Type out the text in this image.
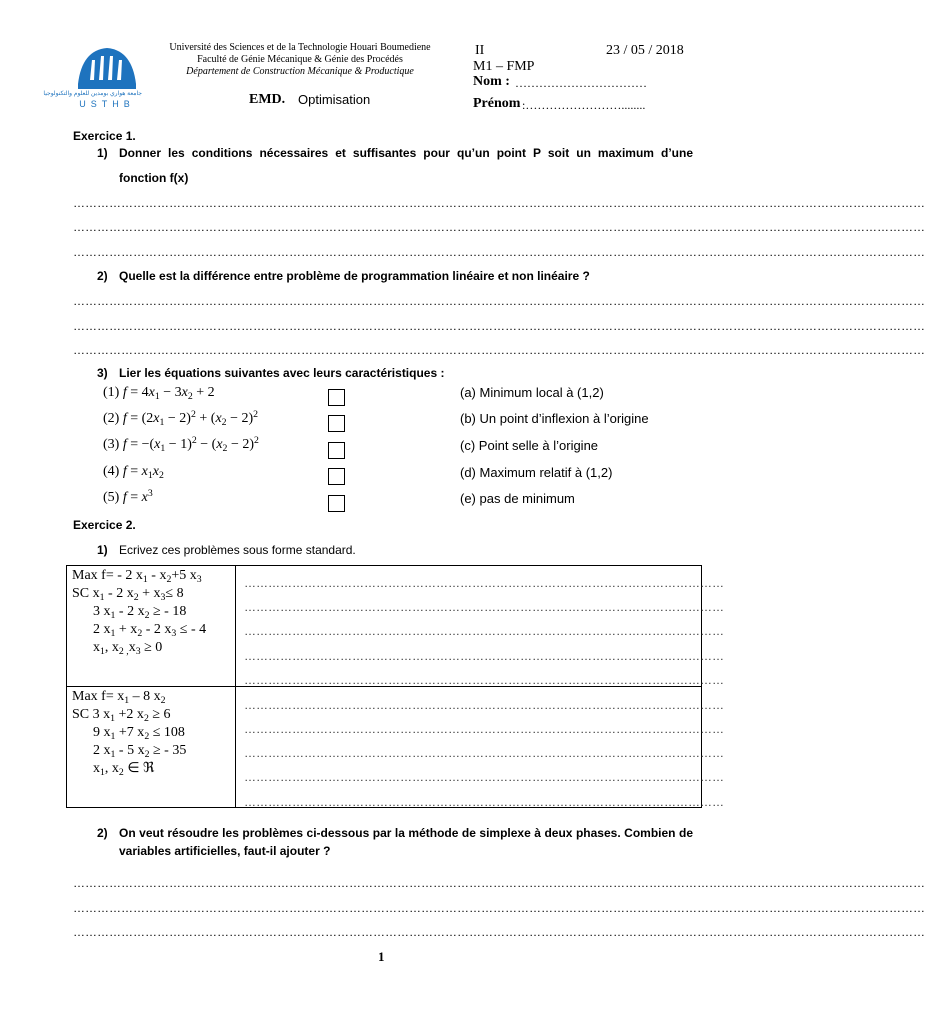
جامعة هواري بومدين للعلوم والتكنولوجيا
USTHB
Université des Sciences et de la Technologie Houari Boumediene
Faculté de Génie Mécanique & Génie des Procédés
Département de Construction Mécanique & Productique
EMD. Optimisation
II	23 / 05 / 2018
M1 – FMP
Nom : ……………………………
Prénom :……………………........
Exercice 1.
1) Donner les conditions nécessaires et suffisantes pour qu’un point P soit un maximum d’une
fonction f(x)
……………………………………………………………………………………………………………………………………………………………………………………………
……………………………………………………………………………………………………………………………………………………………………………………………
……………………………………………………………………………………………………………………………………………………………………………………………
2) Quelle est la différence entre problème de programmation linéaire et non linéaire ?
……………………………………………………………………………………………………………………………………………………………………………………………
……………………………………………………………………………………………………………………………………………………………………………………………
……………………………………………………………………………………………………………………………………………………………………………………………
3) Lier les équations suivantes avec leurs caractéristiques :
(1) $f = 4x_1 - 3x_2 + 2$
(2) $f = (2x_1 - 2)^2 + (x_2 - 2)^2$
(3) $f = -(x_1 - 1)^2 - (x_2 - 2)^2$
(4) $f = x_1x_2$
(5) $f = x^3$
(a) Minimum local à (1,2)
(b) Un point d’inflexion à l’origine
(c) Point selle à l’origine
(d) Maximum relatif à (1,2)
(e) pas de minimum
Exercice 2.
1) Ecrivez ces problèmes sous forme standard.
Max f= - 2 $x_1 - x_2+5$ $x_3$
SC $x_1 - 2$ $x_2 + x_3\le 8$
3 $x_1 - 2$ $x_2$ ≥ - 18
2 $x_1 + x_2 - 2$ $x_3$ ≤ - 4
$x_1$, $x_{2 ,}x_3 \ge 0$
Max $f= x_1 - 8$ $x_2$
SC 3 $x_1 +2$ $x_2 \ge 6$
9 $x_1 +7$ $x_2 \le 108$
2 $x_1 - 5$ $x_2$ ≥ - 35
$x_1$, $x_2$ ∈ ℜ
…………………………………………………………………………………………………………
…………………………………………………………………………………………………………
…………………………………………………………………………………………………………
…………………………………………………………………………………………………………
…………………………………………………………………………………………………………
…………………………………………………………………………………………………………
…………………………………………………………………………………………………………
…………………………………………………………………………………………………………
…………………………………………………………………………………………………………
…………………………………………………………………………………………………………
2) On veut résoudre les problèmes ci-dessous par la méthode de simplexe à deux phases. Combien de
variables artificielles, faut-il ajouter ?
……………………………………………………………………………………………………………………………………………………………………………………………
……………………………………………………………………………………………………………………………………………………………………………………………
……………………………………………………………………………………………………………………………………………………………………………………………
1
